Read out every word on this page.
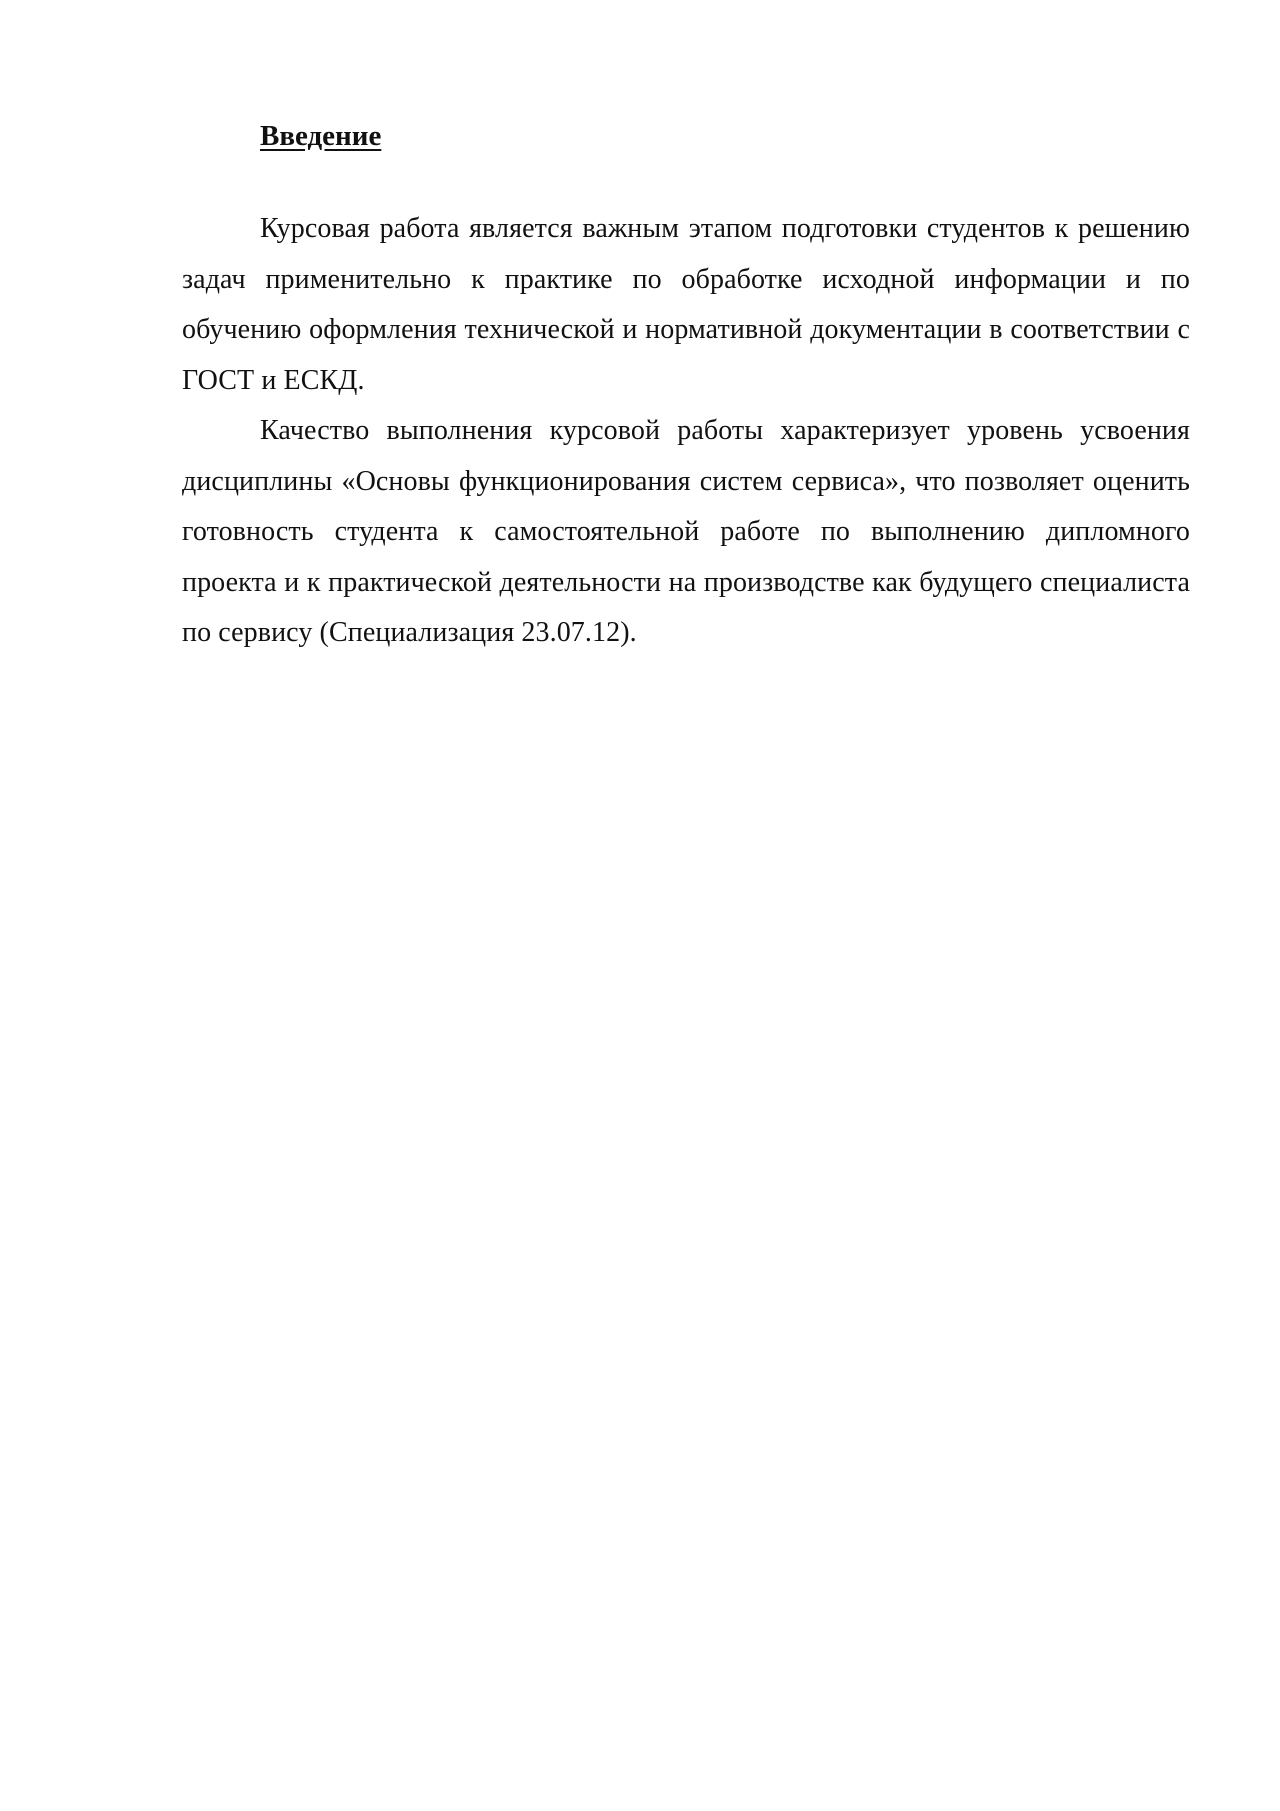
Введение

Курсовая работа является важным этапом подготовки студентов к решению задач применительно к практике по обработке исходной информации и по обучению оформления технической и нормативной документации в соответствии с ГОСТ и ЕСКД.

Качество выполнения курсовой работы характеризует уровень усвоения дисциплины «Основы функционирования систем сервиса», что позволяет оценить готовность студента к самостоятельной работе по выполнению дипломного проекта и к практической деятельности на производстве как будущего специалиста по сервису (Специализация 23.07.12).
